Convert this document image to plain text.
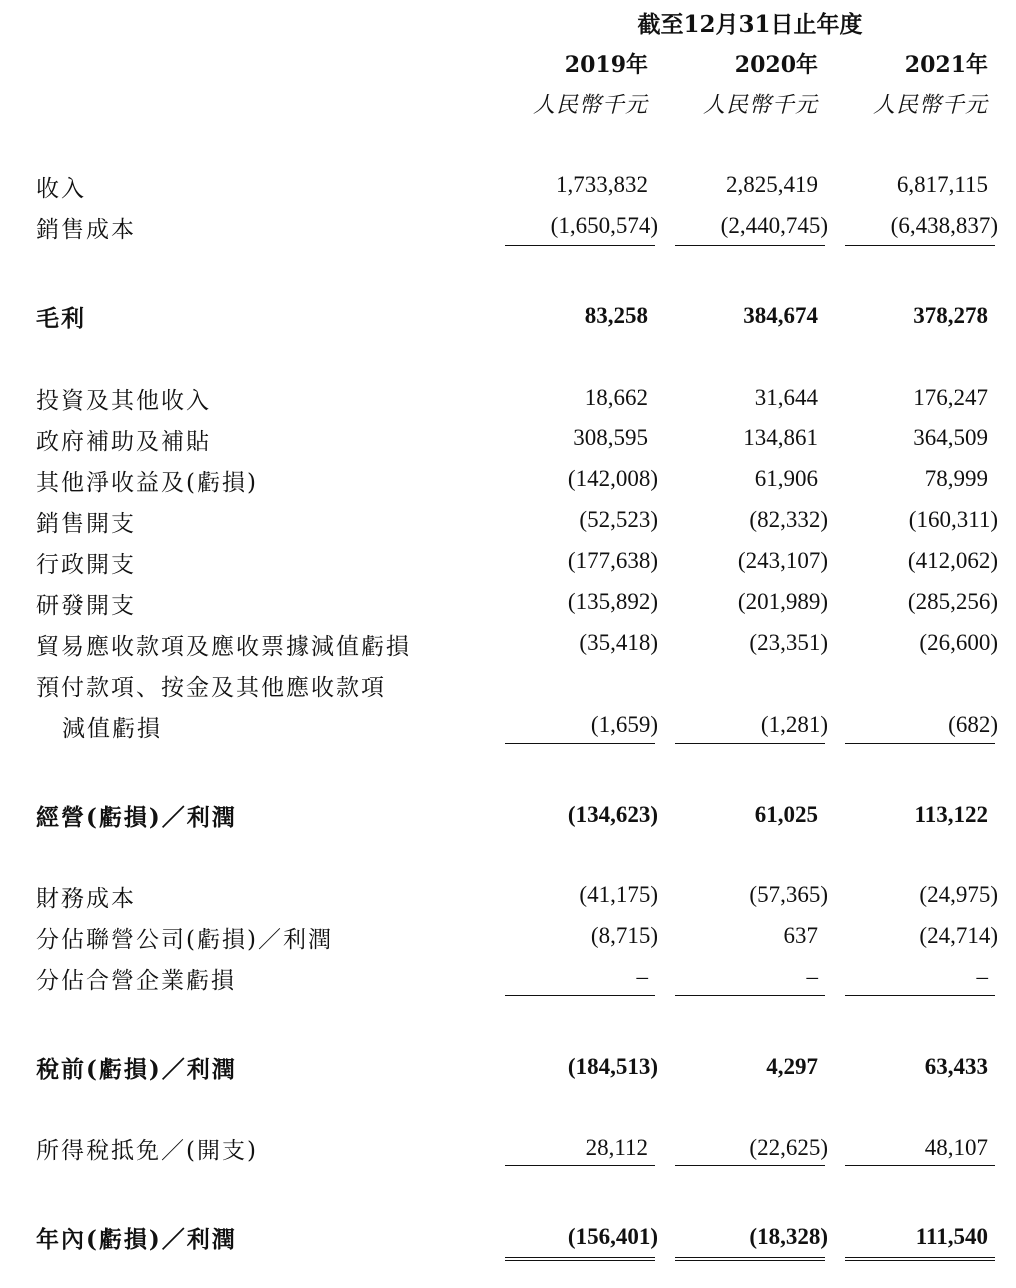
截至12月31日止年度
2019年	2020年	2021年
人民幣千元	人民幣千元	人民幣千元
收入	1,733,832	2,825,419	6,817,115
銷售成本	(1,650,574)	(2,440,745)	(6,438,837)
毛利	83,258	384,674	378,278
投資及其他收入	18,662	31,644	176,247
政府補助及補貼	308,595	134,861	364,509
其他淨收益及(虧損)	(142,008)	61,906	78,999
銷售開支	(52,523)	(82,332)	(160,311)
行政開支	(177,638)	(243,107)	(412,062)
研發開支	(135,892)	(201,989)	(285,256)
貿易應收款項及應收票據減值虧損	(35,418)	(23,351)	(26,600)
預付款項、按金及其他應收款項
減值虧損	(1,659)	(1,281)	(682)
經營(虧損)／利潤	(134,623)	61,025	113,122
財務成本	(41,175)	(57,365)	(24,975)
分佔聯營公司(虧損)／利潤	(8,715)	637	(24,714)
分佔合營企業虧損	–	–	–
稅前(虧損)／利潤	(184,513)	4,297	63,433
所得稅抵免／(開支)	28,112	(22,625)	48,107
年內(虧損)／利潤	(156,401)	(18,328)	111,540
